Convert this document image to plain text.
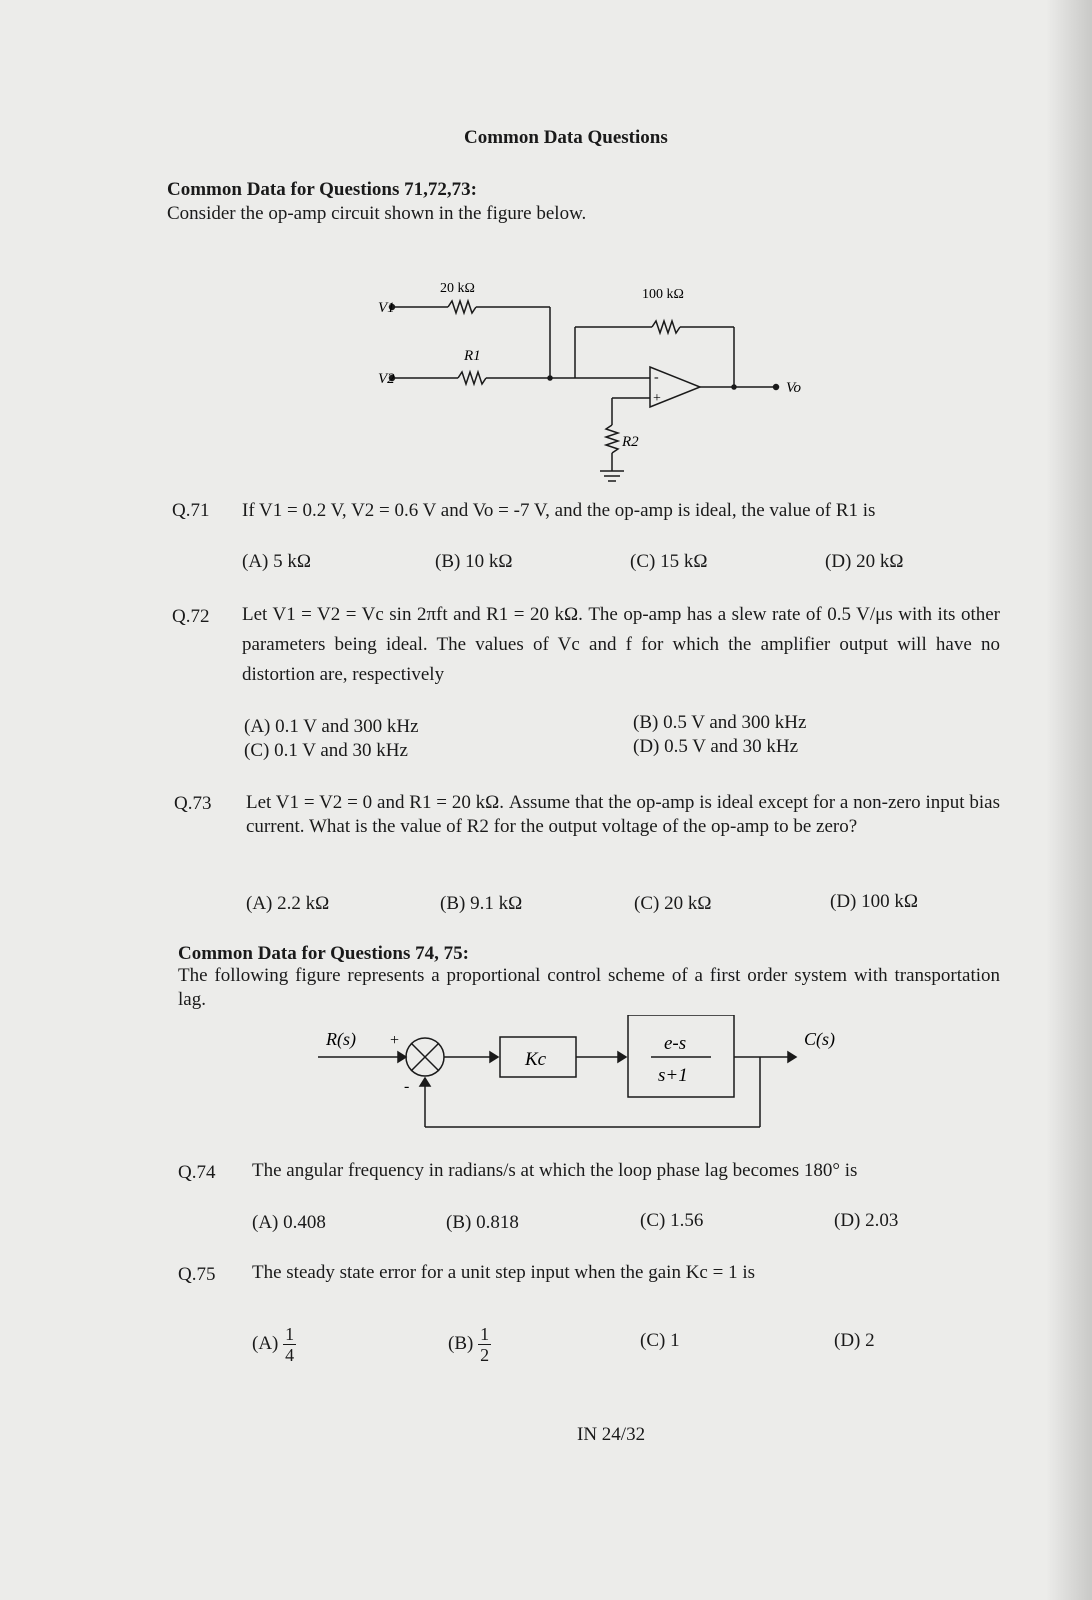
Common Data Questions
Common Data for Questions 71,72,73:
Consider the op-amp circuit shown in the figure below.
V1
V2
20 kΩ
R1
100 kΩ
R2
Vo
-
+
Q.71 If V1 = 0.2 V, V2 = 0.6 V and Vo = -7 V, and the op-amp is ideal, the value of R1 is
(A) 5 kΩ	(B) 10 kΩ	(C) 15 kΩ	(D) 20 kΩ
Q.72 Let V1 = V2 = Vc sin 2πft and R1 = 20 kΩ. The op-amp has a slew rate of 0.5 V/μs with its other parameters being ideal. The values of Vc and f for which the amplifier output will have no distortion are, respectively
(A) 0.1 V and 300 kHz	(B) 0.5 V and 300 kHz
(C) 0.1 V and 30 kHz	(D) 0.5 V and 30 kHz
Q.73 Let V1 = V2 = 0 and R1 = 20 kΩ. Assume that the op-amp is ideal except for a non-zero input bias current. What is the value of R2 for the output voltage of the op-amp to be zero?
(A) 2.2 kΩ	(B) 9.1 kΩ	(C) 20 kΩ	(D) 100 kΩ
Common Data for Questions 74, 75:
The following figure represents a proportional control scheme of a first order system with transportation lag.
R(s) +
-
Kc
e-s
s+1
C(s)
Q.74 The angular frequency in radians/s at which the loop phase lag becomes 180° is
(A) 0.408	(B) 0.818	(C) 1.56	(D) 2.03
Q.75 The steady state error for a unit step input when the gain Kc = 1 is
$(A) \frac{1}{4}$	$(B) \frac{1}{2}$	(C) 1	(D) 2
IN 24/32
